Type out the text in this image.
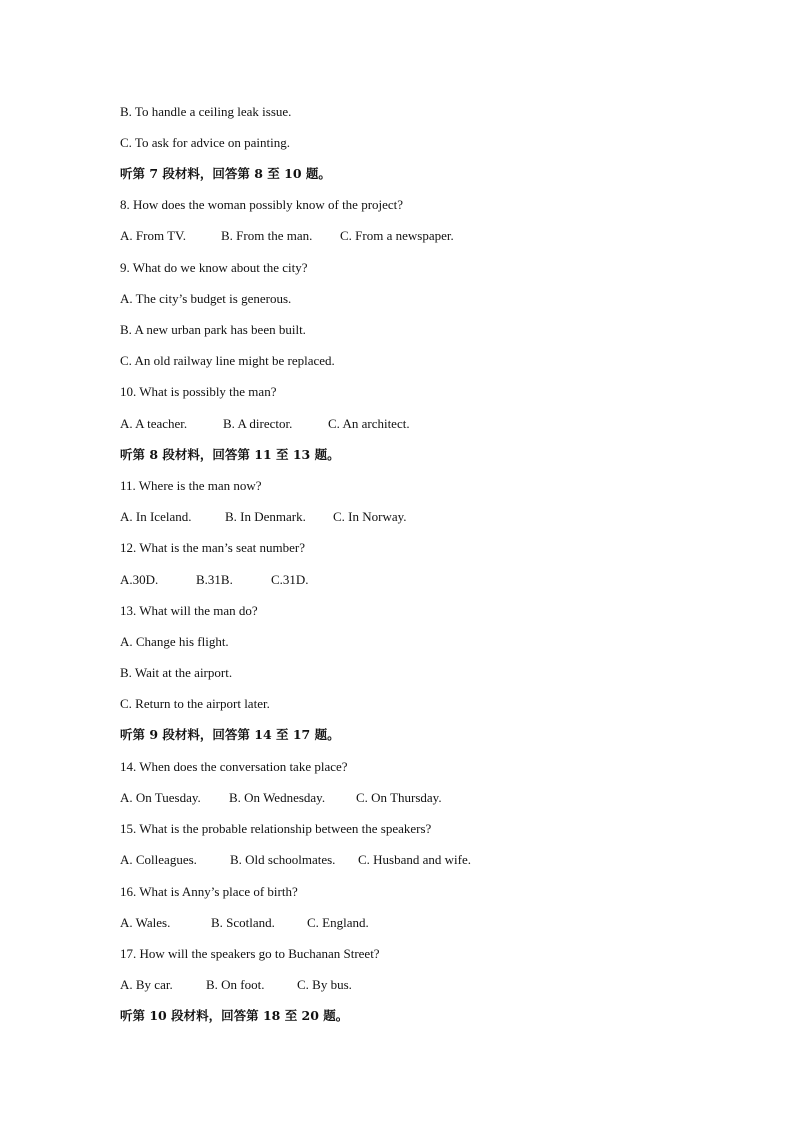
B. To handle a ceiling leak issue.
C. To ask for advice on painting.
听第 7 段材料，回答第 8 至 10 题。
8. How does the woman possibly know of the project?
A. From TV.	B. From the man.	C. From a newspaper.
9. What do we know about the city?
A. The city’s budget is generous.
B. A new urban park has been built.
C. An old railway line might be replaced.
10. What is possibly the man?
A. A teacher.	B. A director.	C. An architect.
听第 8 段材料，回答第 11 至 13 题。
11. Where is the man now?
A. In Iceland.	B. In Denmark.	C. In Norway.
12. What is the man’s seat number?
A.30D.	B.31B.	C.31D.
13. What will the man do?
A. Change his flight.
B. Wait at the airport.
C. Return to the airport later.
听第 9 段材料，回答第 14 至 17 题。
14. When does the conversation take place?
A. On Tuesday.	B. On Wednesday.	C. On Thursday.
15. What is the probable relationship between the speakers?
A. Colleagues.	B. Old schoolmates.	C. Husband and wife.
16. What is Anny’s place of birth?
A. Wales.	B. Scotland.	C. England.
17. How will the speakers go to Buchanan Street?
A. By car.	B. On foot.	C. By bus.
听第 10 段材料，回答第 18 至 20 题。
